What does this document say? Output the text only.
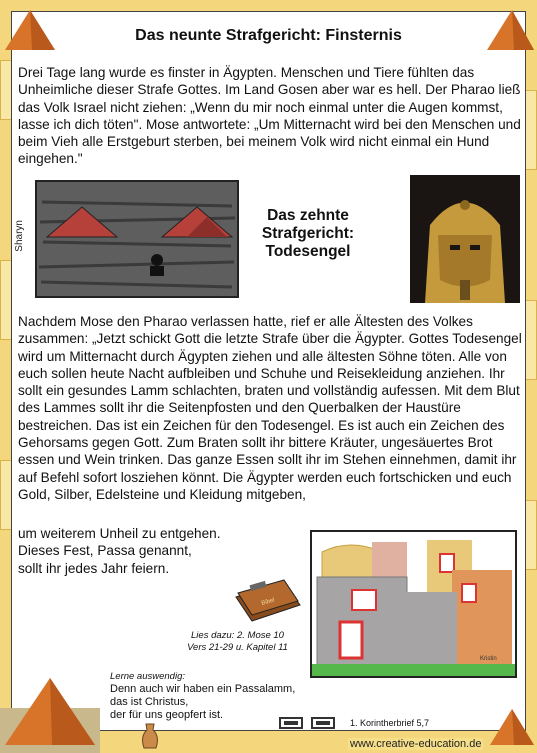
Das neunte Strafgericht: Finsternis

Drei Tage lang wurde es finster in Ägypten. Menschen und Tiere fühlten das Unheimliche dieser Strafe Gottes. Im Land Gosen aber war es hell. Der Pharao ließ das Volk Israel nicht ziehen: „Wenn du mir noch einmal unter die Augen kommst, lasse ich dich töten". Mose antwortete: „Um Mitternacht wird bei den Menschen und beim Vieh alle Erstgeburt sterben, bei meinem Volk wird nicht einmal ein Hund eingehen."

Sharyn
Das zehnte Strafgericht: Todesengel

Nachdem Mose den Pharao verlassen hatte, rief er alle Ältesten des Volkes zusammen: „Jetzt schickt Gott die letzte Strafe über die Ägypter. Gottes Todesengel wird um Mitternacht durch Ägypten ziehen und alle ältesten Söhne töten. Alle von euch sollen heute Nacht aufbleiben und Schuhe und Reisekleidung anziehen. Ihr sollt ein gesundes Lamm schlachten, braten und vollständig aufessen. Mit dem Blut des Lammes sollt ihr die Seitenpfosten und den Querbalken der Haustüre bestreichen. Das ist ein Zeichen für den Todesengel. Es ist auch ein Zeichen des Gehorsams gegen Gott. Zum Braten sollt ihr bittere Kräuter, ungesäuertes Brot essen und Wein trinken. Das ganze Essen sollt ihr im Stehen einnehmen, damit ihr auf Befehl sofort losziehen könnt. Die Ägypter werden euch fortschicken und euch Gold, Silber, Edelsteine und Kleidung mitgeben,

um weiterem Unheil zu entgehen.
Dieses Fest, Passa genannt,
sollt ihr jedes Jahr feiern.

Bibel
Lies dazu: 2. Mose 10
Vers 21-29 u. Kapitel 11
Kristin
Lerne auswendig:

Denn auch wir haben ein Passalamm,
das ist Christus,
der für uns geopfert ist.

1. Korintherbrief 5,7
www.creative-education.de
